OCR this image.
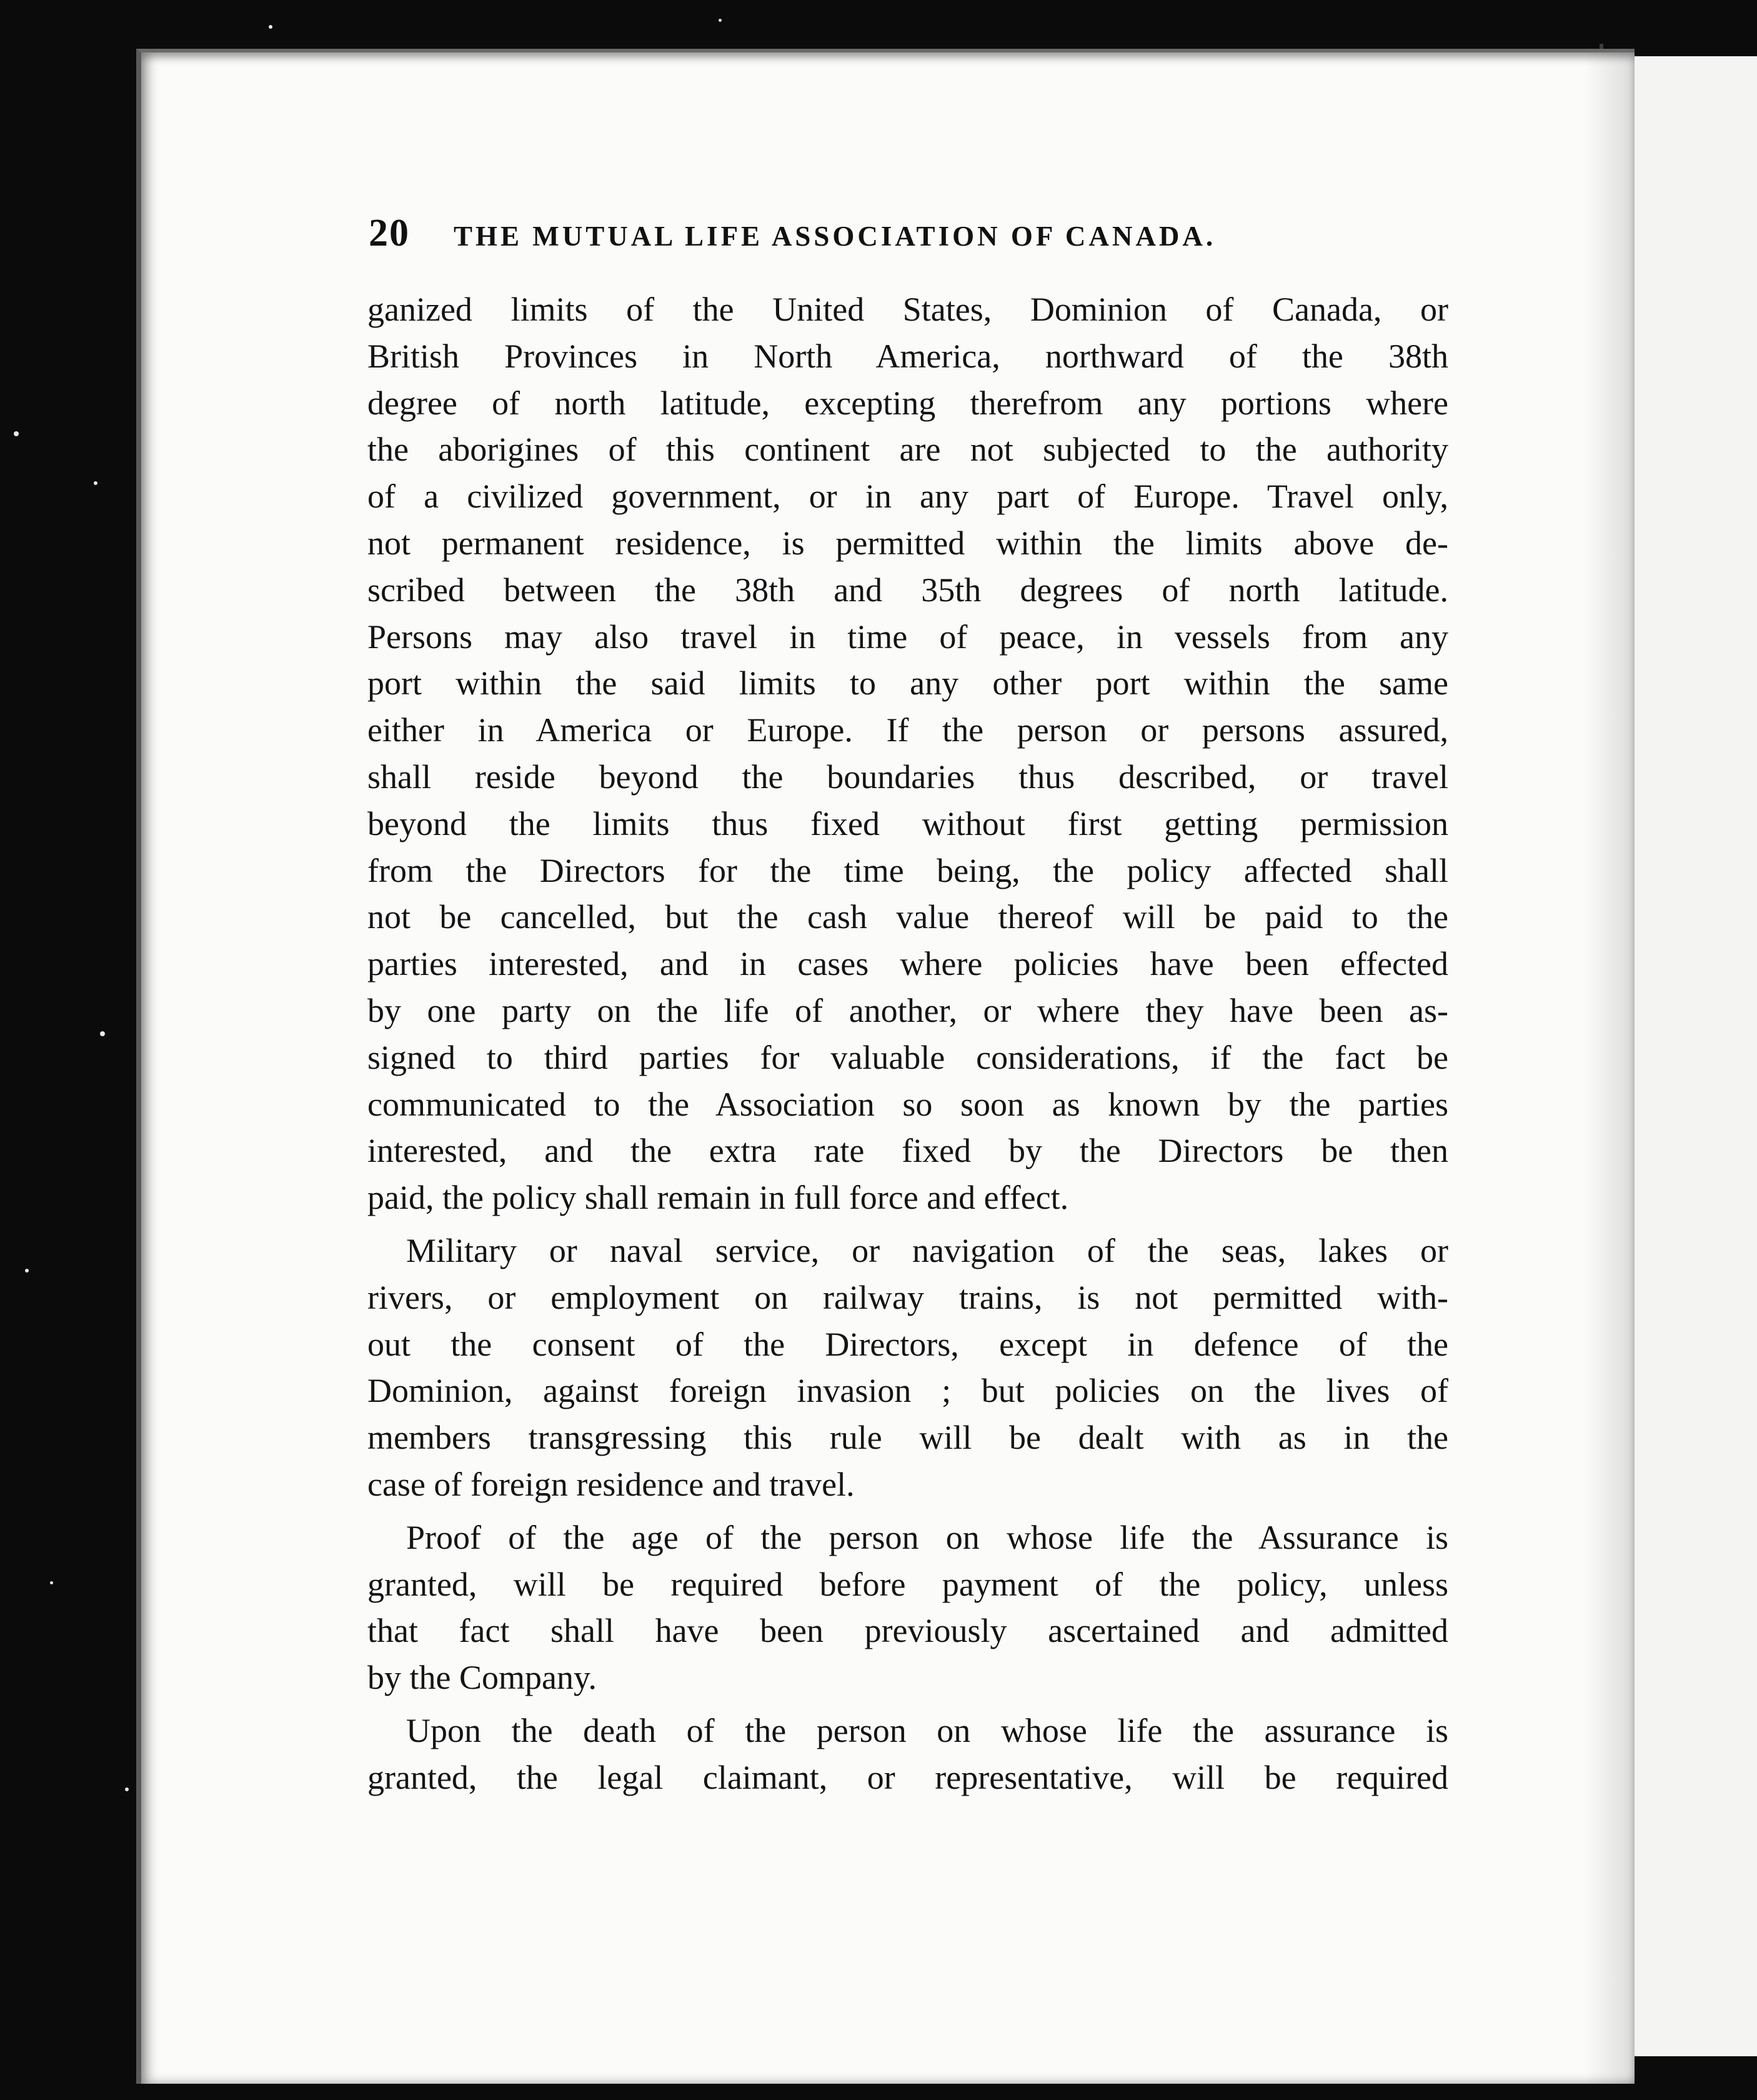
20 THE MUTUAL LIFE ASSOCIATION OF CANADA.
ganized limits of the United States, Dominion of Canada, or
British Provinces in North America, northward of the 38th
degree of north latitude, excepting therefrom any portions where
the aborigines of this continent are not subjected to the authority
of a civilized government, or in any part of Europe. Travel only,
not permanent residence, is permitted within the limits above de-
scribed between the 38th and 35th degrees of north latitude.
Persons may also travel in time of peace, in vessels from any
port within the said limits to any other port within the same
either in America or Europe. If the person or persons assured,
shall reside beyond the boundaries thus described, or travel
beyond the limits thus fixed without first getting permission
from the Directors for the time being, the policy affected shall
not be cancelled, but the cash value thereof will be paid to the
parties interested, and in cases where policies have been effected
by one party on the life of another, or where they have been as-
signed to third parties for valuable considerations, if the fact be
communicated to the Association so soon as known by the parties
interested, and the extra rate fixed by the Directors be then
paid, the policy shall remain in full force and effect.
Military or naval service, or navigation of the seas, lakes or
rivers, or employment on railway trains, is not permitted with-
out the consent of the Directors, except in defence of the
Dominion, against foreign invasion ; but policies on the lives of
members transgressing this rule will be dealt with as in the
case of foreign residence and travel.
Proof of the age of the person on whose life the Assurance is
granted, will be required before payment of the policy, unless
that fact shall have been previously ascertained and admitted
by the Company.
Upon the death of the person on whose life the assurance is
granted, the legal claimant, or representative, will be required
